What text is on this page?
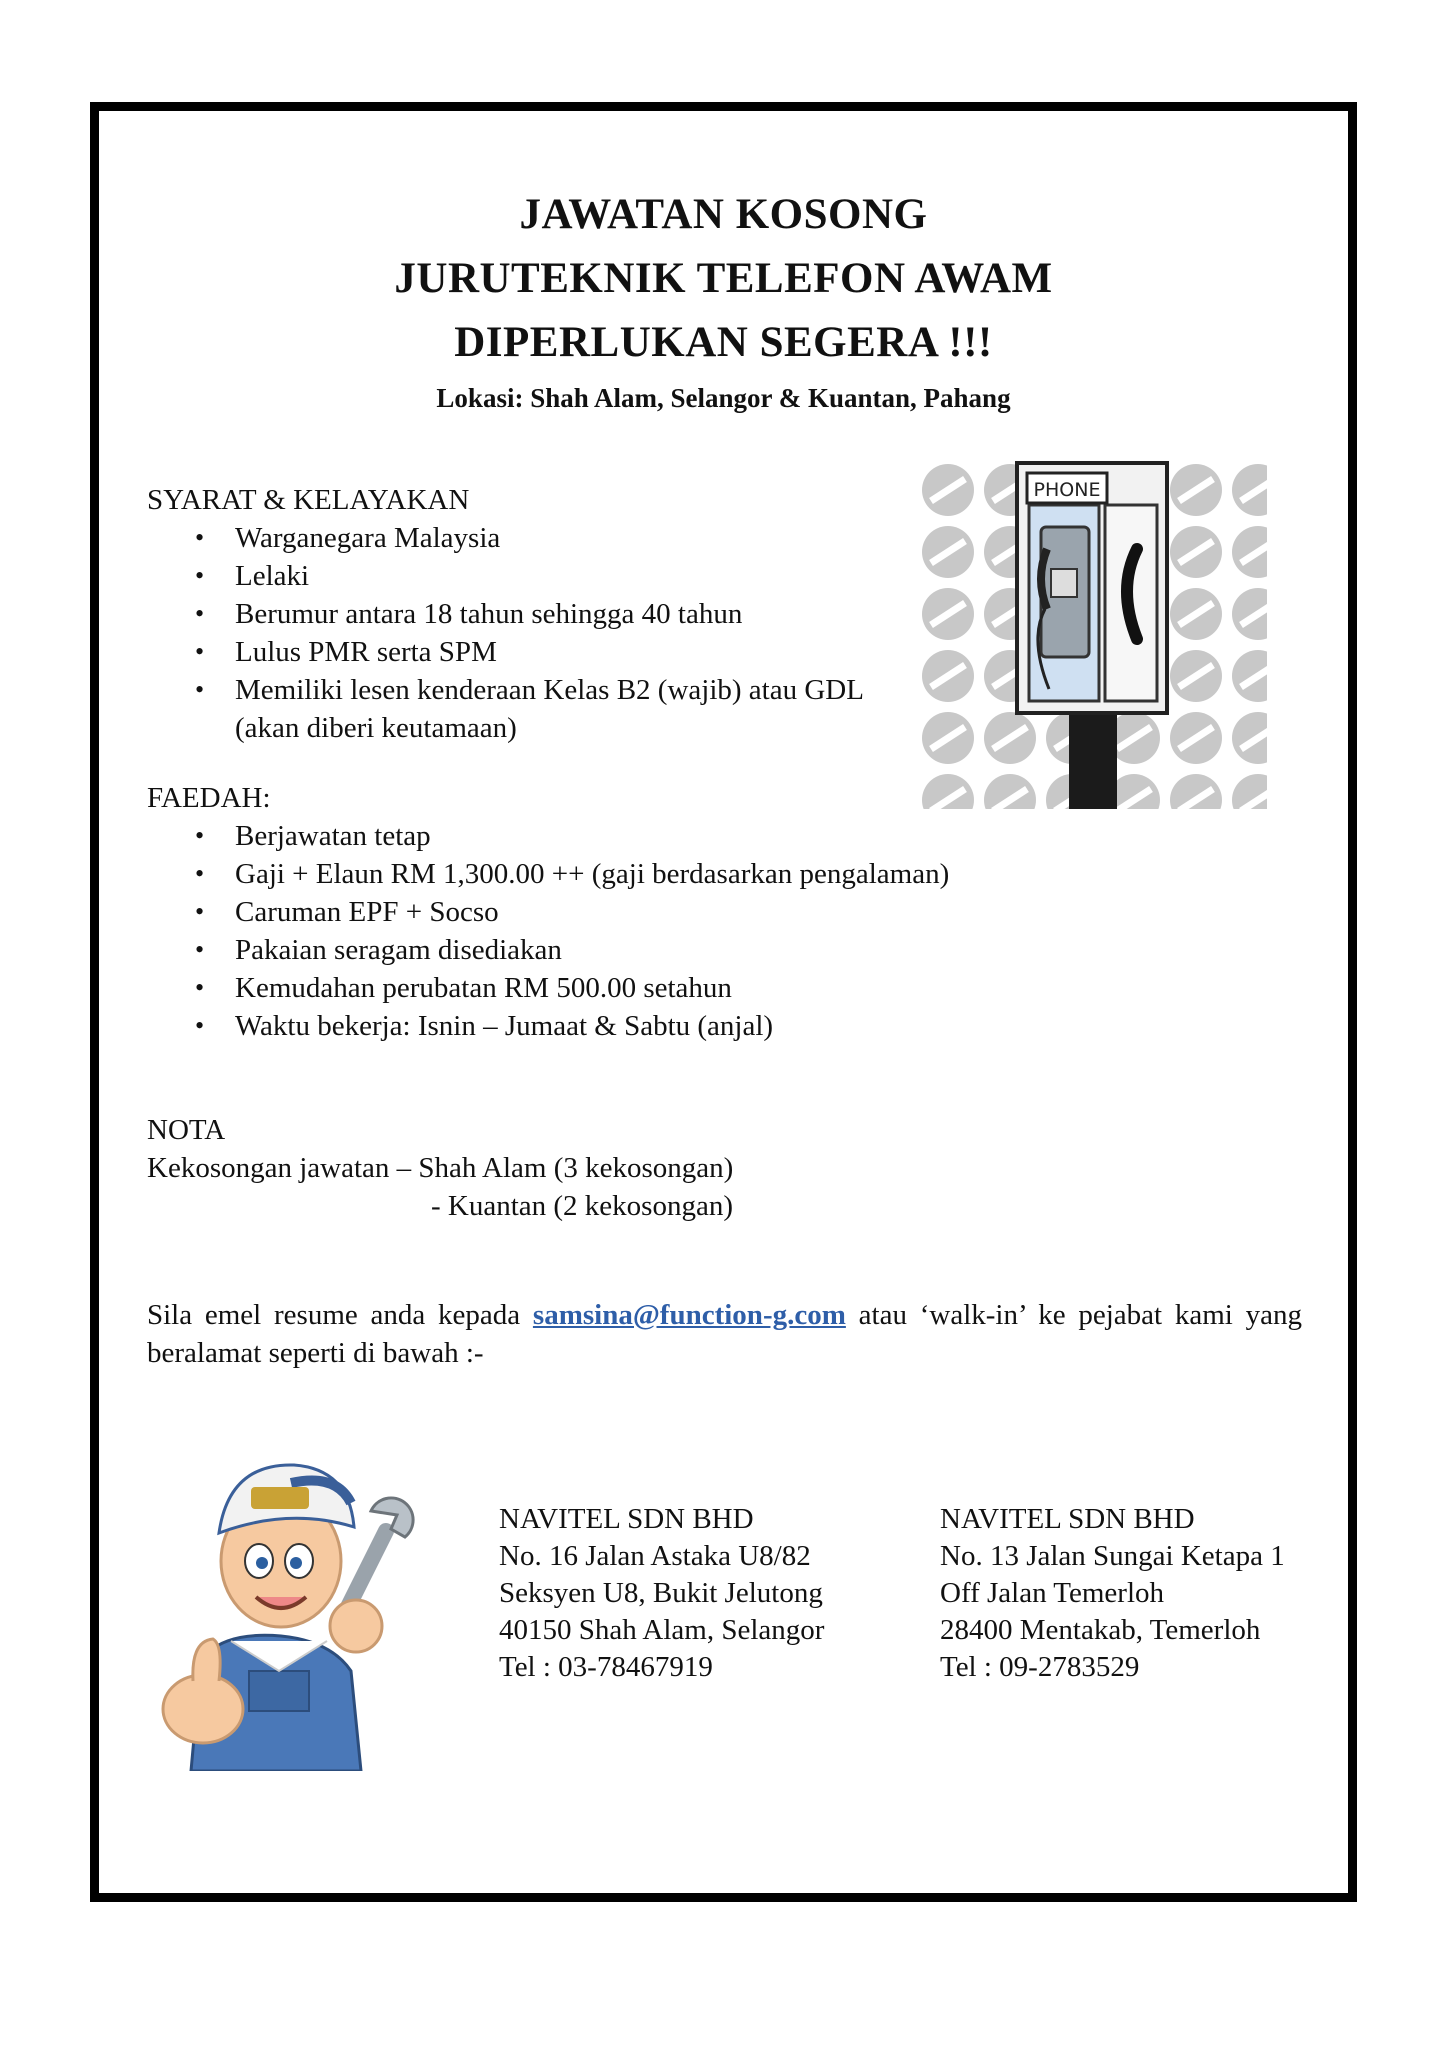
JAWATAN KOSONG
JURUTEKNIK TELEFON AWAM
DIPERLUKAN SEGERA !!!
Lokasi: Shah Alam, Selangor & Kuantan, Pahang
PHONE

SYARAT & KELAYAKAN

• Warganegara Malaysia
• Lelaki
• Berumur antara 18 tahun sehingga 40 tahun
• Lulus PMR serta SPM
• Memiliki lesen kenderaan Kelas B2 (wajib) atau GDL (akan diberi keutamaan)

FAEDAH:

• Berjawatan tetap
• Gaji + Elaun RM 1,300.00 ++ (gaji berdasarkan pengalaman)
• Caruman EPF + Socso
• Pakaian seragam disediakan
• Kemudahan perubatan RM 500.00 setahun
• Waktu bekerja: Isnin – Jumaat & Sabtu (anjal)

NOTA

Kekosongan jawatan – Shah Alam (3 kekosongan)
- Kuantan (2 kekosongan)
Sila emel resume anda kepada samsina@function-g.com atau ‘walk-in’ ke pejabat kami yang beralamat seperti di bawah :-
NAVITEL SDN BHD
No. 16 Jalan Astaka U8/82
Seksyen U8, Bukit Jelutong
40150 Shah Alam, Selangor
Tel : 03-78467919
NAVITEL SDN BHD
No. 13 Jalan Sungai Ketapa 1
Off Jalan Temerloh
28400 Mentakab, Temerloh
Tel : 09-2783529
